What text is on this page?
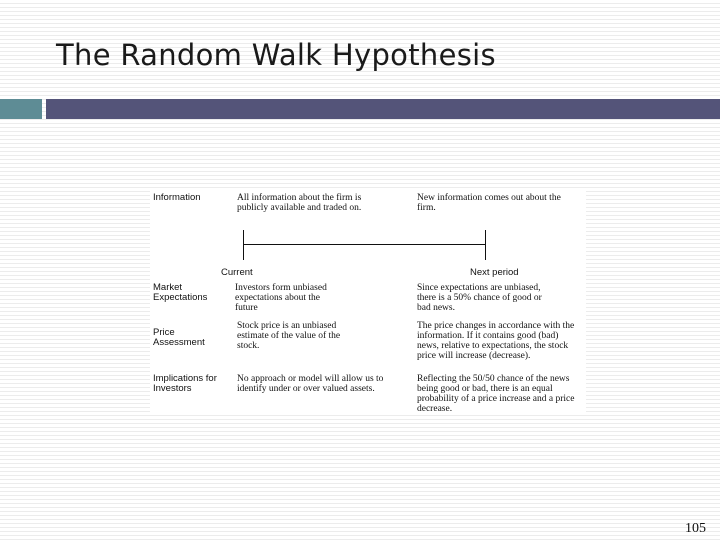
The Random Walk Hypothesis
Information	All information about the firm is
publicly available and traded on.
New information comes out about the
firm.
Current	Next period
Market
Expectations
Investors form unbiased
expectations about the
future
Since expectations are unbiased,
there is a 50% chance of good or
bad news.
Price
Assessment
Stock price is an unbiased
estimate of the value of the
stock.
The price changes in accordance with the
information. If it contains good (bad)
news, relative to expectations, the stock
price will increase (decrease).
Implications for
Investors
No approach or model will allow us to
identify under or over valued assets.
Reflecting the 50/50 chance of the news
being good or bad, there is an equal
probability of a price increase and a price
decrease.
105
